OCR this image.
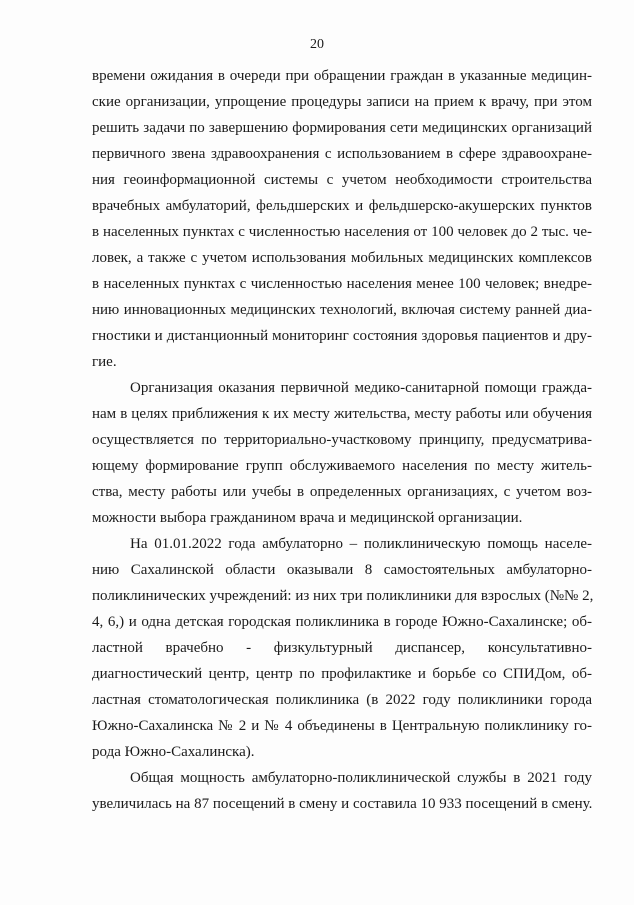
20
времени ожидания в очереди при обращении граждан в указанные медицин-
ские организации, упрощение процедуры записи на прием к врачу, при этом
решить задачи по завершению формирования сети медицинских организаций
первичного звена здравоохранения с использованием в сфере здравоохране-
ния геоинформационной системы с учетом необходимости строительства
врачебных амбулаторий, фельдшерских и фельдшерско-акушерских пунктов
в населенных пунктах с численностью населения от 100 человек до 2 тыс. че-
ловек, а также с учетом использования мобильных медицинских комплексов
в населенных пунктах с численностью населения менее 100 человек; внедре-
нию инновационных медицинских технологий, включая систему ранней диа-
гностики и дистанционный мониторинг состояния здоровья пациентов и дру-
гие.
Организация оказания первичной медико-санитарной помощи гражда-
нам в целях приближения к их месту жительства, месту работы или обучения
осуществляется по территориально-участковому принципу, предусматрива-
ющему формирование групп обслуживаемого населения по месту житель-
ства, месту работы или учебы в определенных организациях, с учетом воз-
можности выбора гражданином врача и медицинской организации.
На 01.01.2022 года амбулаторно – поликлиническую помощь населе-
нию Сахалинской области оказывали 8 самостоятельных амбулаторно-
поликлинических учреждений: из них три поликлиники для взрослых (№№ 2,
4, 6,) и одна детская городская поликлиника в городе Южно-Сахалинске; об-
ластной врачебно - физкультурный диспансер, консультативно-
диагностический центр, центр по профилактике и борьбе со СПИДом, об-
ластная стоматологическая поликлиника (в 2022 году поликлиники города
Южно-Сахалинска № 2 и № 4 объединены в Центральную поликлинику го-
рода Южно-Сахалинска).
Общая мощность амбулаторно-поликлинической службы в 2021 году
увеличилась на 87 посещений в смену и составила 10 933 посещений в смену.
